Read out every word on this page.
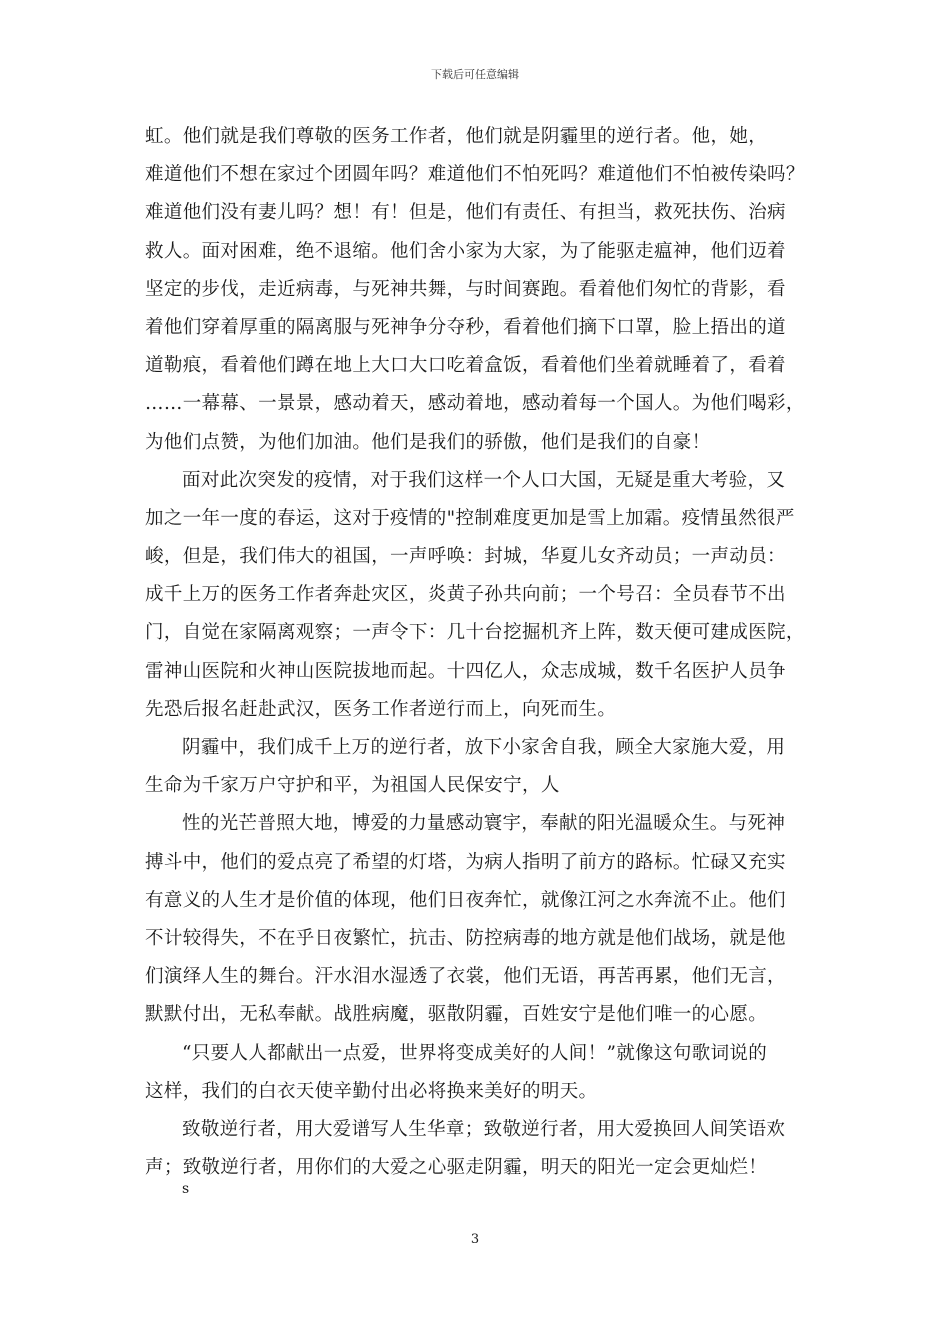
下载后可任意编辑
虹。他们就是我们尊敬的医务工作者，他们就是阴霾里的逆行者。他，她，
难道他们不想在家过个团圆年吗？难道他们不怕死吗？难道他们不怕被传染吗？
难道他们没有妻儿吗？想！有！但是，他们有责任、有担当，救死扶伤、治病
救人。面对困难，绝不退缩。他们舍小家为大家，为了能驱走瘟神，他们迈着
坚定的步伐，走近病毒，与死神共舞，与时间赛跑。看着他们匆忙的背影，看
着他们穿着厚重的隔离服与死神争分夺秒，看着他们摘下口罩，脸上捂出的道
道勒痕，看着他们蹲在地上大口大口吃着盒饭，看着他们坐着就睡着了，看着
……一幕幕、一景景，感动着天，感动着地，感动着每一个国人。为他们喝彩，
为他们点赞，为他们加油。他们是我们的骄傲，他们是我们的自豪！
面对此次突发的疫情，对于我们这样一个人口大国，无疑是重大考验，又
加之一年一度的春运，这对于疫情的"控制难度更加是雪上加霜。疫情虽然很严
峻，但是，我们伟大的祖国，一声呼唤：封城，华夏儿女齐动员；一声动员：
成千上万的医务工作者奔赴灾区，炎黄子孙共向前；一个号召：全员春节不出
门，自觉在家隔离观察；一声令下：几十台挖掘机齐上阵，数天便可建成医院，
雷神山医院和火神山医院拔地而起。十四亿人，众志成城，数千名医护人员争
先恐后报名赶赴武汉，医务工作者逆行而上，向死而生。
阴霾中，我们成千上万的逆行者，放下小家舍自我，顾全大家施大爱，用
生命为千家万户守护和平，为祖国人民保安宁，人
性的光芒普照大地，博爱的力量感动寰宇，奉献的阳光温暖众生。与死神
搏斗中，他们的爱点亮了希望的灯塔，为病人指明了前方的路标。忙碌又充实
有意义的人生才是价值的体现，他们日夜奔忙，就像江河之水奔流不止。他们
不计较得失，不在乎日夜繁忙，抗击、防控病毒的地方就是他们战场，就是他
们演绎人生的舞台。汗水泪水湿透了衣裳，他们无语，再苦再累，他们无言，
默默付出，无私奉献。战胜病魔，驱散阴霾，百姓安宁是他们唯一的心愿。
“只要人人都献出一点爱，世界将变成美好的人间！”就像这句歌词说的
这样，我们的白衣天使辛勤付出必将换来美好的明天。
致敬逆行者，用大爱谱写人生华章；致敬逆行者，用大爱换回人间笑语欢
声；致敬逆行者，用你们的大爱之心驱走阴霾，明天的阳光一定会更灿烂！
s
3
